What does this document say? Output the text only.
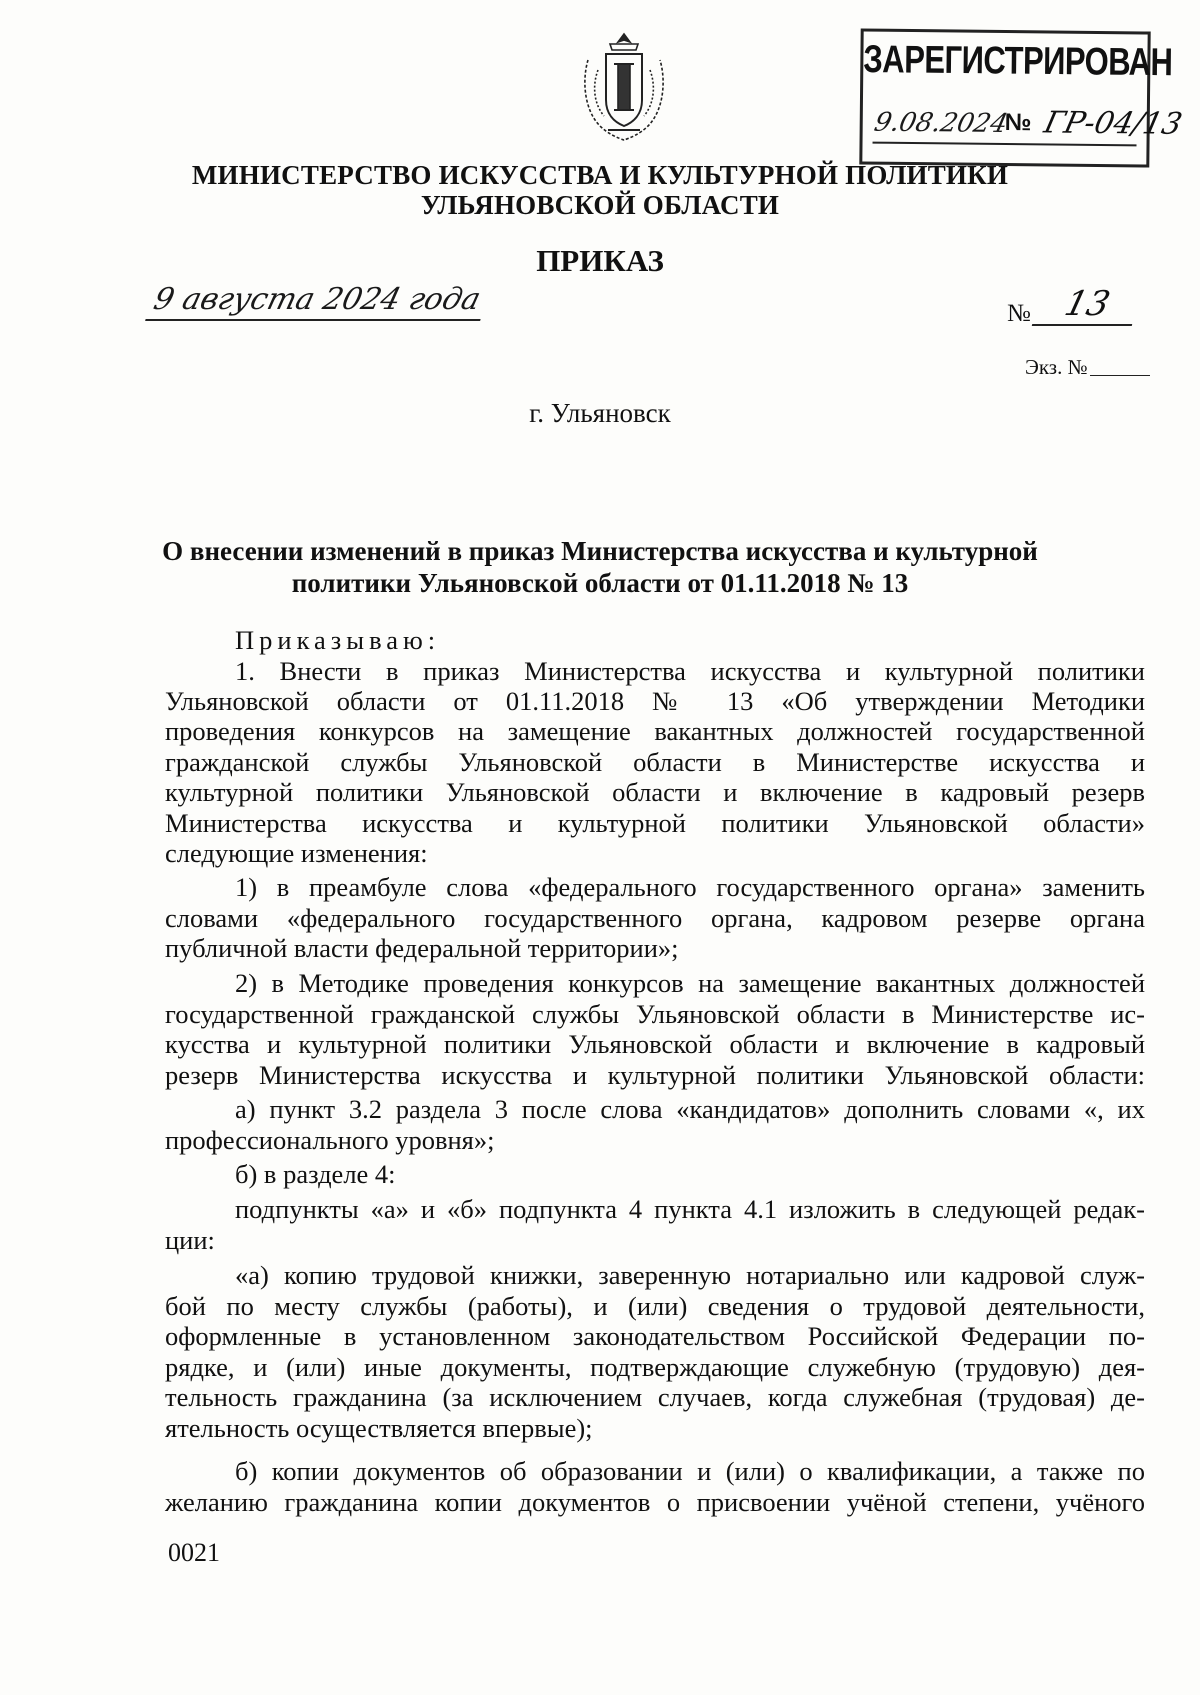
МИНИСТЕРСТВО ИСКУССТВА И КУЛЬТУРНОЙ ПОЛИТИКИ
УЛЬЯНОВСКОЙ ОБЛАСТИ
ПРИКАЗ
ЗАРЕГИСТРИРОВАН
9.08.2024
№ ГР-04/13
9 августа 2024 года	№ 13
Экз. №
г. Ульяновск
О внесении изменений в приказ Министерства искусства и культурной
политики Ульяновской области от 01.11.2018 № 13
Приказываю:
1. Внести в приказ Министерства искусства и культурной политики
Ульяновской области от 01.11.2018 № 13 «Об утверждении Методики
проведения конкурсов на замещение вакантных должностей государственной
гражданской службы Ульяновской области в Министерстве искусства и
культурной политики Ульяновской области и включение в кадровый резерв
Министерства искусства и культурной политики Ульяновской области»
следующие изменения:
1) в преамбуле слова «федерального государственного органа» заменить
словами «федерального государственного органа, кадровом резерве органа
публичной власти федеральной территории»;
2) в Методике проведения конкурсов на замещение вакантных должностей
государственной гражданской службы Ульяновской области в Министерстве ис-
кусства и культурной политики Ульяновской области и включение в кадровый
резерв Министерства искусства и культурной политики Ульяновской области:
а) пункт 3.2 раздела 3 после слова «кандидатов» дополнить словами «, их
профессионального уровня»;
б) в разделе 4:
подпункты «а» и «б» подпункта 4 пункта 4.1 изложить в следующей редак-
ции:
«а) копию трудовой книжки, заверенную нотариально или кадровой служ-
бой по месту службы (работы), и (или) сведения о трудовой деятельности,
оформленные в установленном законодательством Российской Федерации по-
рядке, и (или) иные документы, подтверждающие служебную (трудовую) дея-
тельность гражданина (за исключением случаев, когда служебная (трудовая) де-
ятельность осуществляется впервые);
б) копии документов об образовании и (или) о квалификации, а также по
желанию гражданина копии документов о присвоении учёной степени, учёного
0021
